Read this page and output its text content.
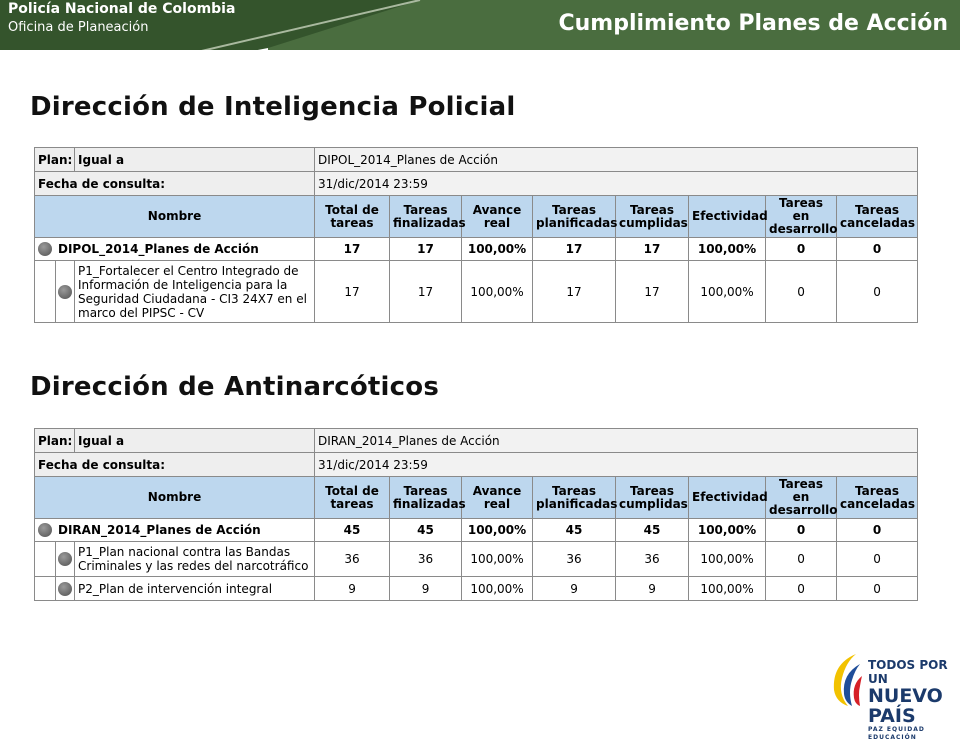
Policía Nacional de Colombia
Oficina de Planeación	Cumplimiento Planes de Acción
Dirección de Inteligencia Policial
Plan:		Igual a	DIPOL_2014_Planes de Acción							
Fecha de consulta:			31/dic/2014 23:59							
Nombre			Total de tareas	Tareas finalizadas	Avance real	Tareas planificadas	Tareas cumplidas	Efectividad	Tareas en desarrollo	Tareas canceladas
DIPOL_2014_Planes de Acción			17	17	100,00%	17	17	100,00%	0	0
		P1_Fortalecer el Centro Integrado de Información de Inteligencia para la Seguridad Ciudadana - CI3 24X7 en el marco del PIPSC - CV	17	17	100,00%	17	17	100,00%	0	0
Dirección de Antinarcóticos
Plan:		Igual a	DIRAN_2014_Planes de Acción							
Fecha de consulta:			31/dic/2014 23:59							
Nombre			Total de tareas	Tareas finalizadas	Avance real	Tareas planificadas	Tareas cumplidas	Efectividad	Tareas en desarrollo	Tareas canceladas
DIRAN_2014_Planes de Acción			45	45	100,00%	45	45	100,00%	0	0
		P1_Plan nacional contra las Bandas Criminales y las redes del narcotráfico	36	36	100,00%	36	36	100,00%	0	0
		P2_Plan de intervención integral	9	9	100,00%	9	9	100,00%	0	0
TODOS POR UN
NUEVO PAÍS
PAZ EQUIDAD EDUCACIÓN
